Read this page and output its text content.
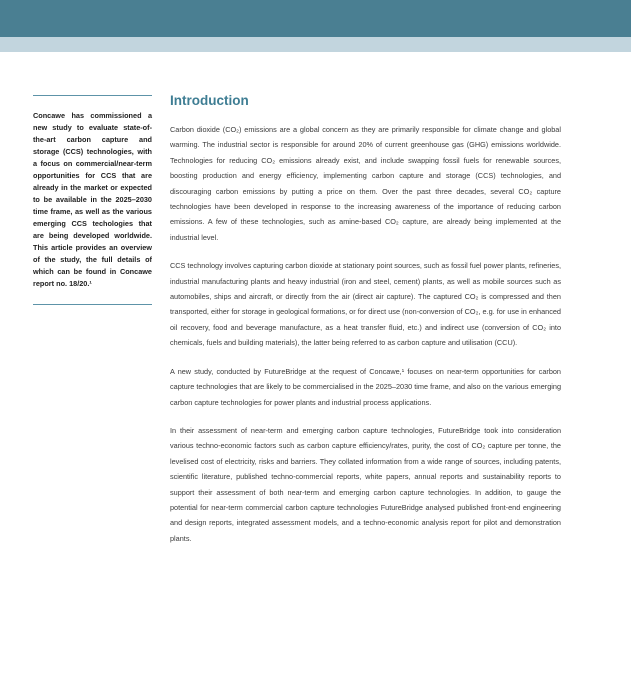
Concawe has commissioned a new study to evaluate state-of-the-art carbon capture and storage (CCS) technologies, with a focus on commercial/near-term opportunities for CCS that are already in the market or expected to be available in the 2025–2030 time frame, as well as the various emerging CCS techologies that are being developed worldwide. This article provides an overview of the study, the full details of which can be found in Concawe report no. 18/20.¹
Introduction

Carbon dioxide (CO₂) emissions are a global concern as they are primarily responsible for climate change and global warming. The industrial sector is responsible for around 20% of current greenhouse gas (GHG) emissions worldwide. Technologies for reducing CO₂ emissions already exist, and include swapping fossil fuels for renewable sources, boosting production and energy efficiency, implementing carbon capture and storage (CCS) technologies, and discouraging carbon emissions by putting a price on them. Over the past three decades, several CO₂ capture technologies have been developed in response to the increasing awareness of the importance of reducing carbon emissions. A few of these technologies, such as amine-based CO₂ capture, are already being implemented at the industrial level.

CCS technology involves capturing carbon dioxide at stationary point sources, such as fossil fuel power plants, refineries, industrial manufacturing plants and heavy industrial (iron and steel, cement) plants, as well as mobile sources such as automobiles, ships and aircraft, or directly from the air (direct air capture). The captured CO₂ is compressed and then transported, either for storage in geological formations, or for direct use (non-conversion of CO₂, e.g. for use in enhanced oil recovery, food and beverage manufacture, as a heat transfer fluid, etc.) and indirect use (conversion of CO₂ into chemicals, fuels and building materials), the latter being referred to as carbon capture and utilisation (CCU).

A new study, conducted by FutureBridge at the request of Concawe,¹ focuses on near-term opportunities for carbon capture technologies that are likely to be commercialised in the 2025–2030 time frame, and also on the various emerging carbon capture technologies for power plants and industrial process applications.

In their assessment of near-term and emerging carbon capture technologies, FutureBridge took into consideration various techno-economic factors such as carbon capture efficiency/rates, purity, the cost of CO₂ capture per tonne, the levelised cost of electricity, risks and barriers. They collated information from a wide range of sources, including patents, scientific literature, published techno-commercial reports, white papers, annual reports and sustainability reports to support their assessment of both near-term and emerging carbon capture technologies. In addition, to gauge the potential for near-term commercial carbon capture technologies FutureBridge analysed published front-end engineering and design reports, integrated assessment models, and a techno-economic analysis report for pilot and demonstration plants.
